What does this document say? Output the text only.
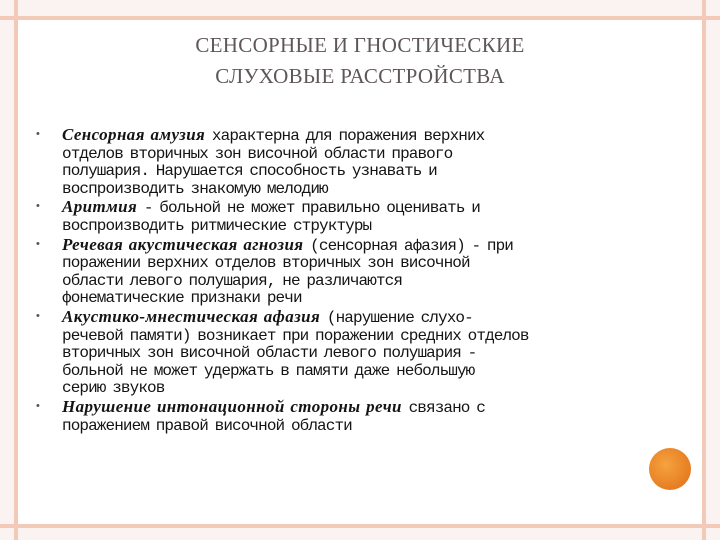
СЕНСОРНЫЕ И ГНОСТИЧЕСКИЕ
СЛУХОВЫЕ РАССТРОЙСТВА
• Сенсорная амузия характерна для поражения верхних
отделов вторичных зон височной области правого
полушария. Нарушается способность узнавать и
воспроизводить знакомую мелодию
• Аритмия - больной не может правильно оценивать и
воспроизводить ритмические структуры
• Речевая акустическая агнозия (сенсорная афазия) - при
поражении верхних отделов вторичных зон височной
области левого полушария, не различаются
фонематические признаки речи
• Акустико-мнестическая афазия (нарушение слухо-
речевой памяти) возникает при поражении средних отделов
вторичных зон височной области левого полушария -
больной не может удержать в памяти даже небольшую
серию звуков
• Нарушение интонационной стороны речи связано с
поражением правой височной области
